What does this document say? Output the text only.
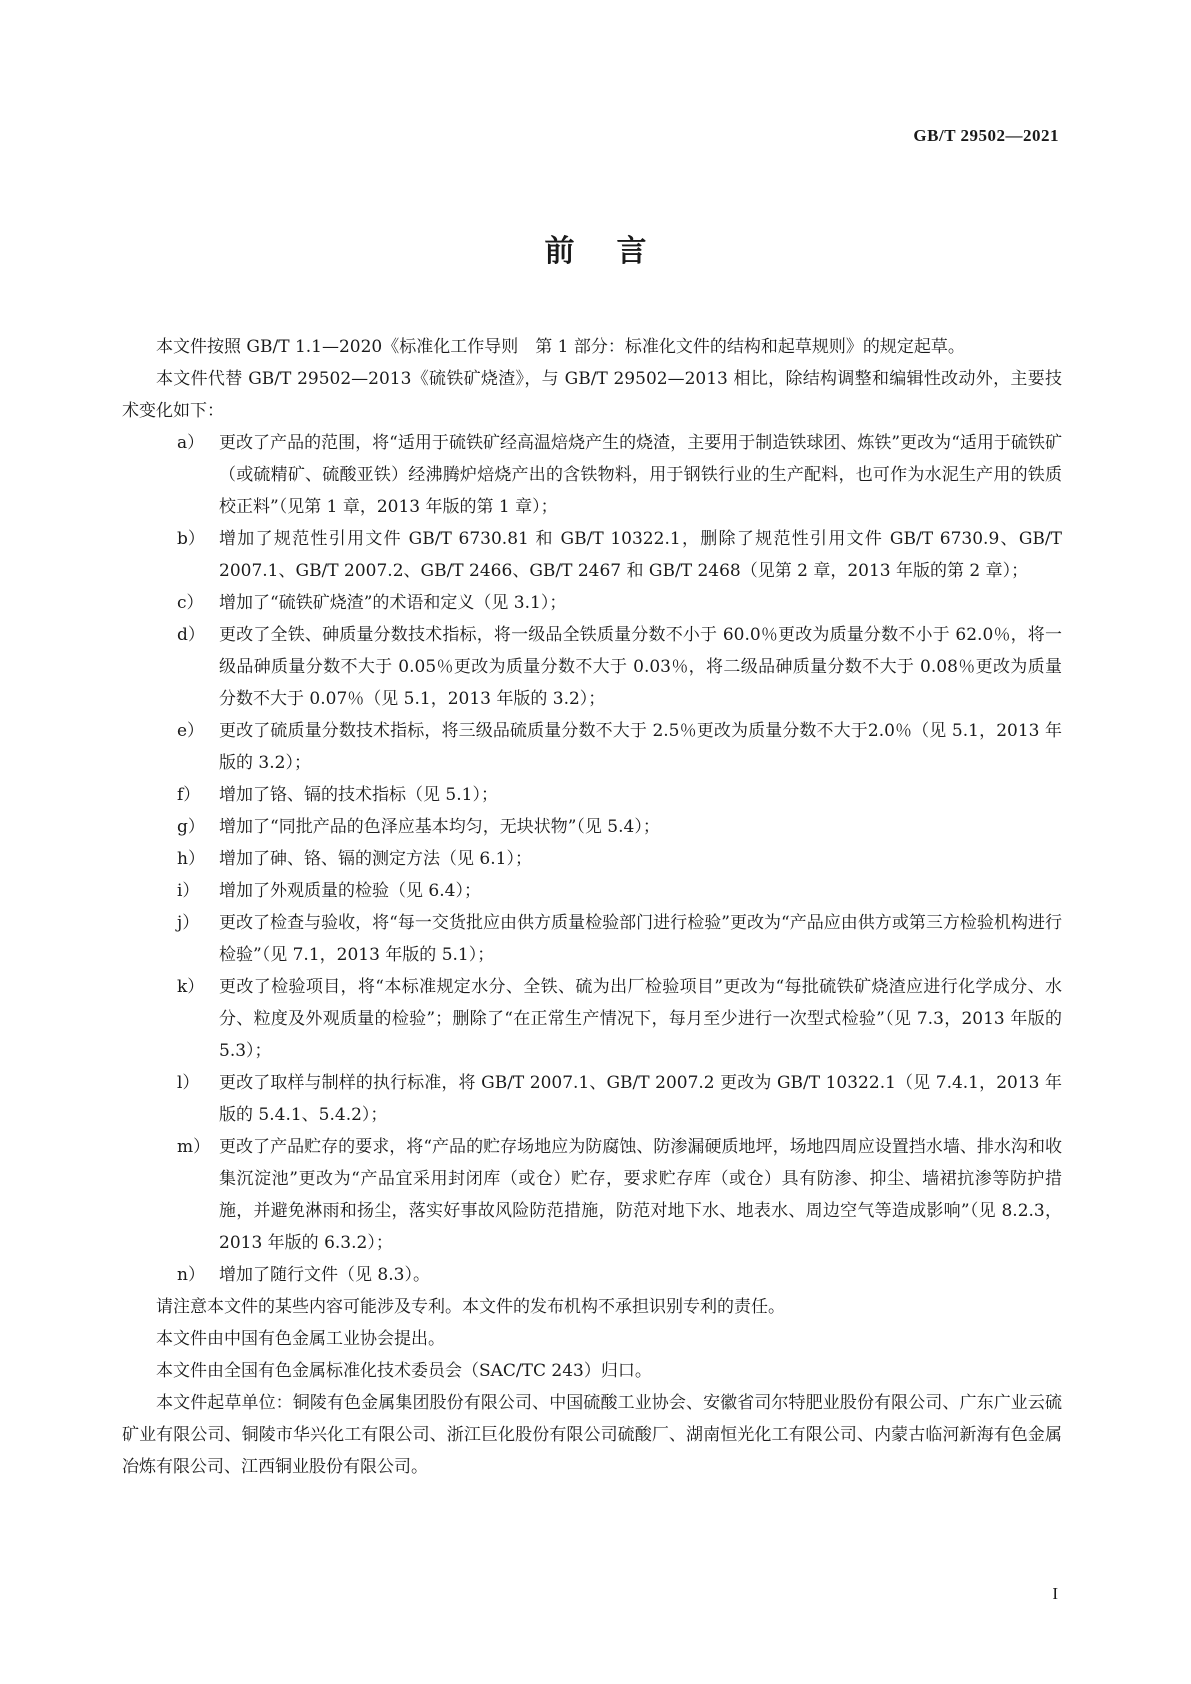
GB/T 29502—2021
前言

本文件按照 GB/T 1.1—2020《标准化工作导则　第 1 部分：标准化文件的结构和起草规则》的规定起草。

本文件代替 GB/T 29502—2013《硫铁矿烧渣》，与 GB/T 29502—2013 相比，除结构调整和编辑性改动外，主要技术变化如下：

a） 更改了产品的范围，将“适用于硫铁矿经高温焙烧产生的烧渣，主要用于制造铁球团、炼铁”更改为“适用于硫铁矿（或硫精矿、硫酸亚铁）经沸腾炉焙烧产出的含铁物料，用于钢铁行业的生产配料，也可作为水泥生产用的铁质校正料”（见第 1 章，2013 年版的第 1 章）；
b） 增加了规范性引用文件 GB/T 6730.81 和 GB/T 10322.1，删除了规范性引用文件 GB/T 6730.9、GB/T 2007.1、GB/T 2007.2、GB/T 2466、GB/T 2467 和 GB/T 2468（见第 2 章，2013 年版的第 2 章）；
c） 增加了“硫铁矿烧渣”的术语和定义（见 3.1）；
d） 更改了全铁、砷质量分数技术指标，将一级品全铁质量分数不小于 60.0％更改为质量分数不小于 62.0％，将一级品砷质量分数不大于 0.05％更改为质量分数不大于 0.03％，将二级品砷质量分数不大于 0.08％更改为质量分数不大于 0.07％（见 5.1，2013 年版的 3.2）；
e） 更改了硫质量分数技术指标，将三级品硫质量分数不大于 2.5％更改为质量分数不大于2.0％（见 5.1，2013 年版的 3.2）；
f） 增加了铬、镉的技术指标（见 5.1）；
g） 增加了“同批产品的色泽应基本均匀，无块状物”（见 5.4）；
h） 增加了砷、铬、镉的测定方法（见 6.1）；
i） 增加了外观质量的检验（见 6.4）；
j） 更改了检查与验收，将“每一交货批应由供方质量检验部门进行检验”更改为“产品应由供方或第三方检验机构进行检验”（见 7.1，2013 年版的 5.1）；
k） 更改了检验项目，将“本标准规定水分、全铁、硫为出厂检验项目”更改为“每批硫铁矿烧渣应进行化学成分、水分、粒度及外观质量的检验”；删除了“在正常生产情况下，每月至少进行一次型式检验”（见 7.3，2013 年版的 5.3）；
l） 更改了取样与制样的执行标准，将 GB/T 2007.1、GB/T 2007.2 更改为 GB/T 10322.1（见 7.4.1，2013 年版的 5.4.1、5.4.2）；
m） 更改了产品贮存的要求，将“产品的贮存场地应为防腐蚀、防渗漏硬质地坪，场地四周应设置挡水墙、排水沟和收集沉淀池”更改为“产品宜采用封闭库（或仓）贮存，要求贮存库（或仓）具有防渗、抑尘、墙裙抗渗等防护措施，并避免淋雨和扬尘，落实好事故风险防范措施，防范对地下水、地表水、周边空气等造成影响”（见 8.2.3，2013 年版的 6.3.2）；
n） 增加了随行文件（见 8.3）。

请注意本文件的某些内容可能涉及专利。本文件的发布机构不承担识别专利的责任。

本文件由中国有色金属工业协会提出。

本文件由全国有色金属标准化技术委员会（SAC/TC 243）归口。

本文件起草单位：铜陵有色金属集团股份有限公司、中国硫酸工业协会、安徽省司尔特肥业股份有限公司、广东广业云硫矿业有限公司、铜陵市华兴化工有限公司、浙江巨化股份有限公司硫酸厂、湖南恒光化工有限公司、内蒙古临河新海有色金属冶炼有限公司、江西铜业股份有限公司。

I
